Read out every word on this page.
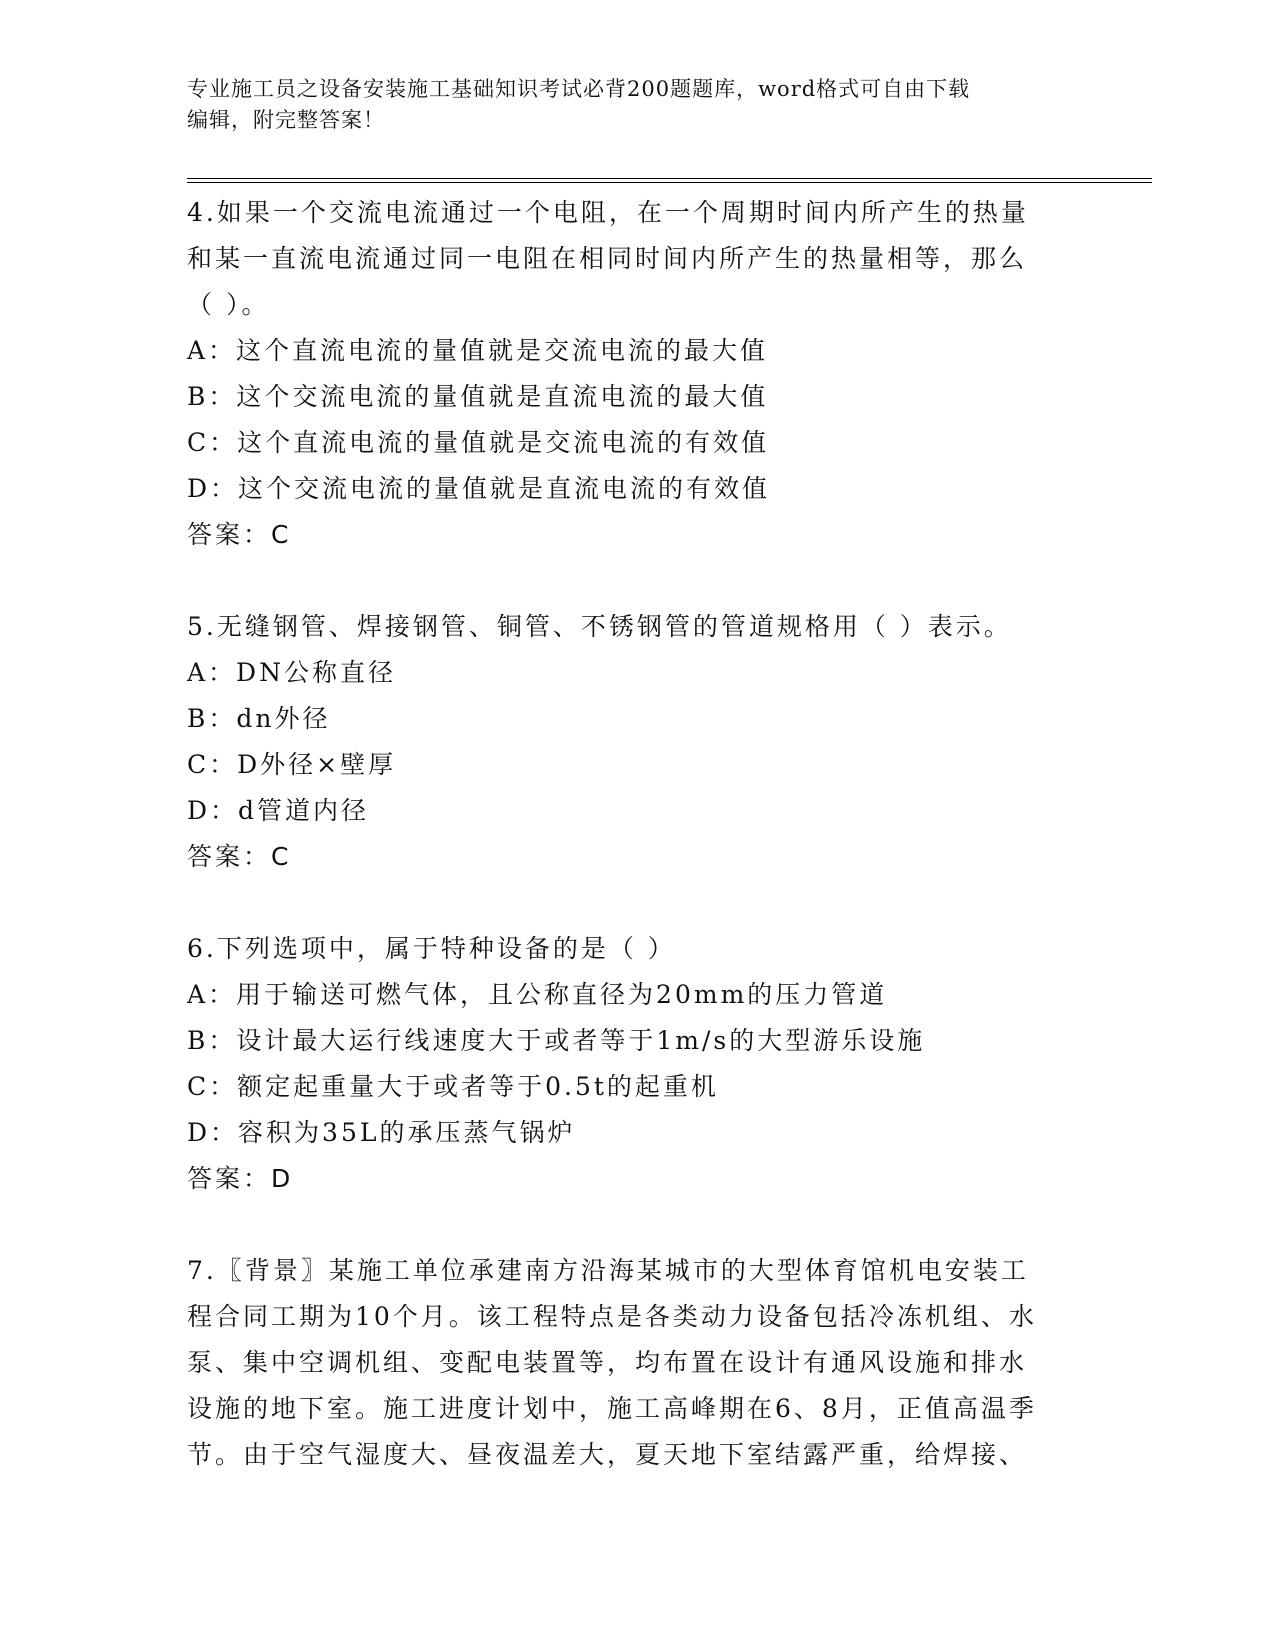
专业施工员之设备安装施工基础知识考试必背200题题库，word格式可自由下载
编辑，附完整答案！
4.如果一个交流电流通过一个电阻，在一个周期时间内所产生的热量
和某一直流电流通过同一电阻在相同时间内所产生的热量相等，那么
（ ）。
A：这个直流电流的量值就是交流电流的最大值
B：这个交流电流的量值就是直流电流的最大值
C：这个直流电流的量值就是交流电流的有效值
D：这个交流电流的量值就是直流电流的有效值
答案：C
5.无缝钢管、焊接钢管、铜管、不锈钢管的管道规格用（ ）表示。
A：DN公称直径
B：dn外径
C：D外径×壁厚
D：d管道内径
答案：C
6.下列选项中，属于特种设备的是（ ）
A：用于输送可燃气体，且公称直径为20mm的压力管道
B：设计最大运行线速度大于或者等于1m/s的大型游乐设施
C：额定起重量大于或者等于0.5t的起重机
D：容积为35L的承压蒸气锅炉
答案：D
7.〖背景〗某施工单位承建南方沿海某城市的大型体育馆机电安装工
程合同工期为10个月。该工程特点是各类动力设备包括冷冻机组、水
泵、集中空调机组、变配电装置等，均布置在设计有通风设施和排水
设施的地下室。施工进度计划中，施工高峰期在6、8月，正值高温季
节。由于空气湿度大、昼夜温差大，夏天地下室结露严重，给焊接、
